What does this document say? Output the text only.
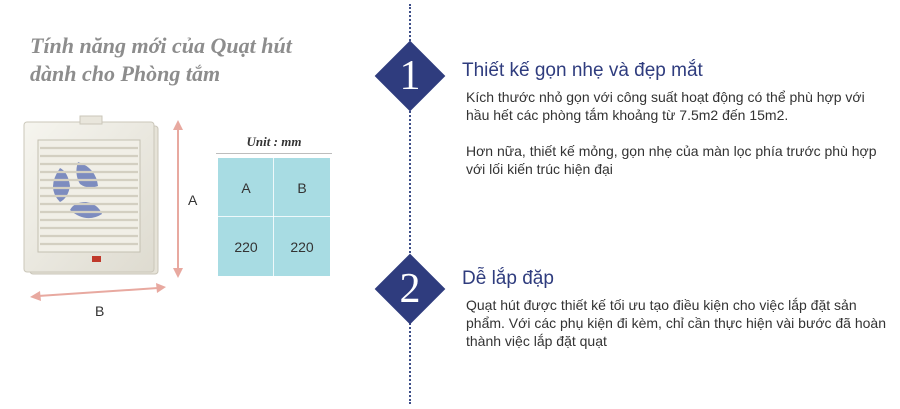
Tính năng mới của Quạt hút
dành cho Phòng tắm
A
B
Unit : mm
A	B
220	220
1	Thiết kế gọn nhẹ và đẹp mắt

Kích thước nhỏ gọn với công suất hoạt động có thể phù hợp với hầu hết các phòng tắm khoảng từ 7.5m2 đến 15m2.

Hơn nữa, thiết kế mỏng, gọn nhẹ của màn lọc phía trước phù hợp với lối kiến trúc hiện đại

2	Dễ lắp đặp

Quạt hút được thiết kế tối ưu tạo điều kiện cho việc lắp đặt sản phẩm. Với các phụ kiện đi kèm, chỉ cần thực hiện vài bước đã hoàn thành việc lắp đặt quạt
